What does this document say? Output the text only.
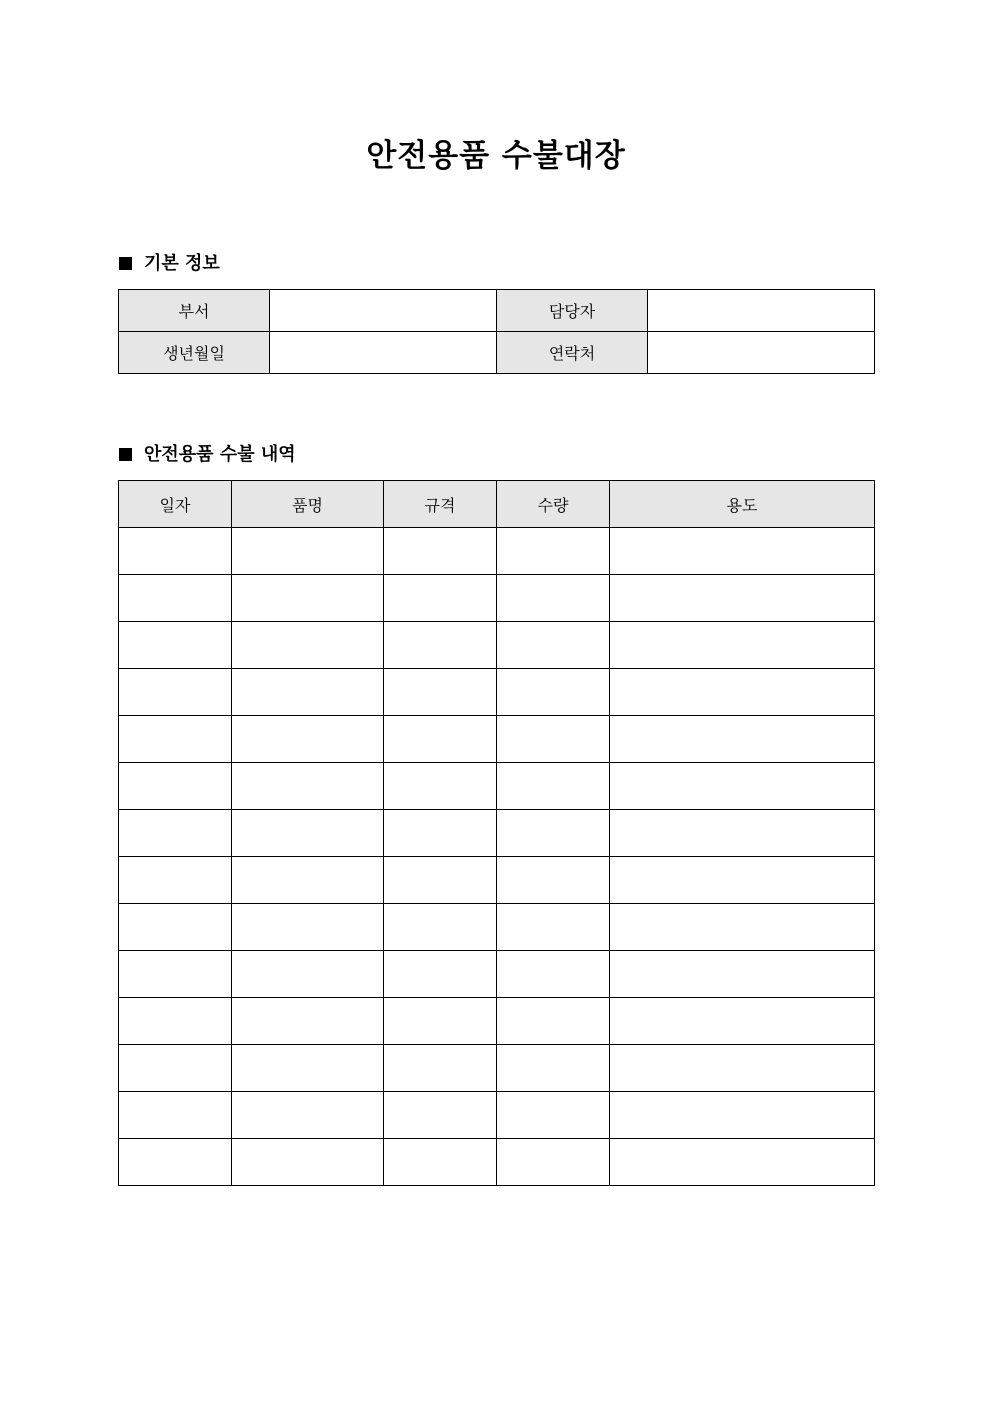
안전용품 수불대장
기본 정보
부서		담당자	
생년월일		연락처	
안전용품 수불 내역
일자	품명	규격	수량	용도
